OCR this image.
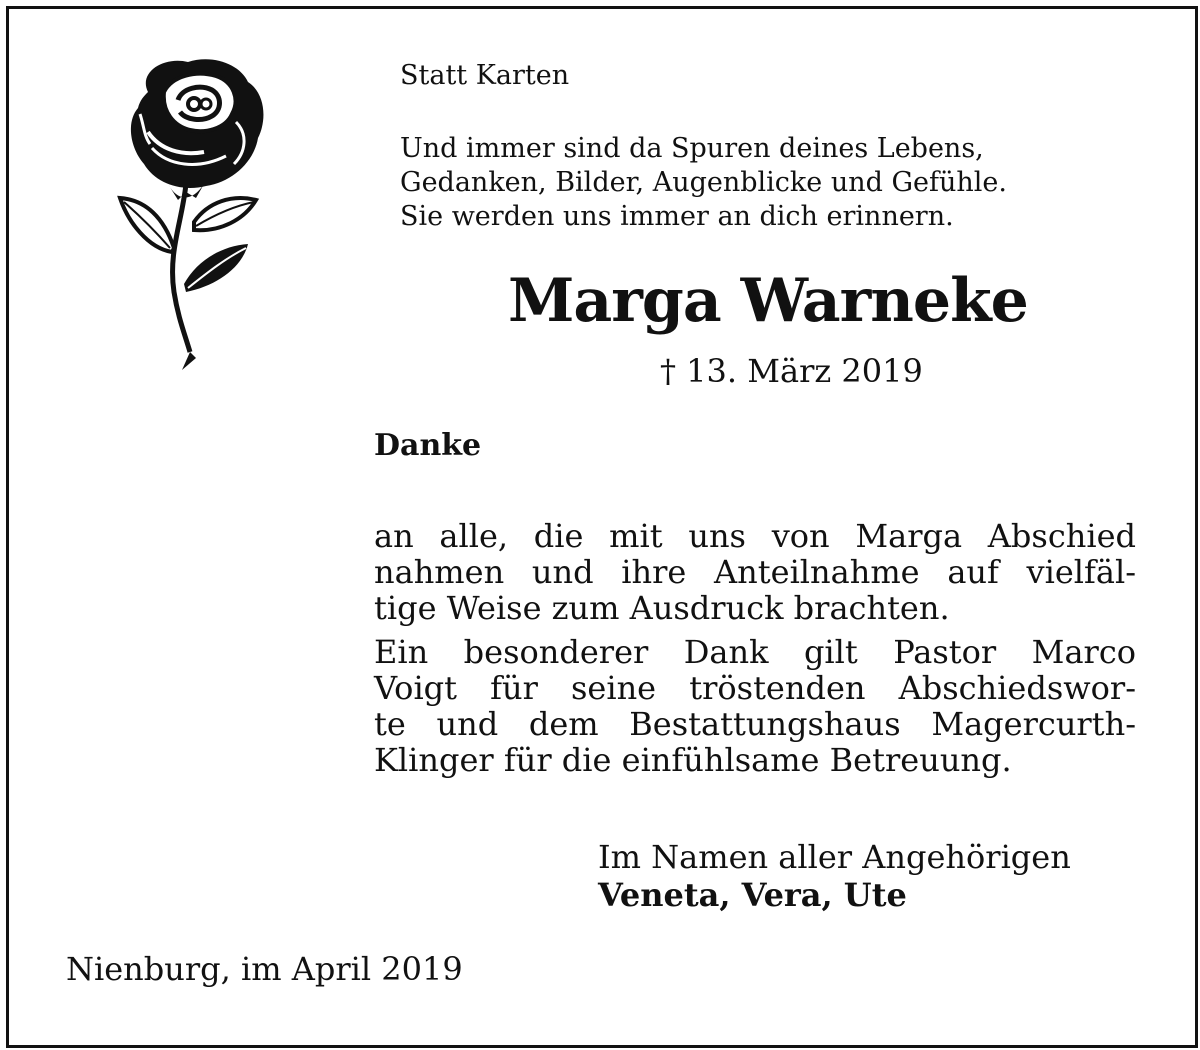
Statt Karten
Und immer sind da Spuren deines Lebens,
Gedanken, Bilder, Augenblicke und Gefühle.
Sie werden uns immer an dich erinnern.
Marga Warneke
† 13. März 2019
Danke
an alle, die mit uns von Marga Abschied
nahmen und ihre Anteilnahme auf vielfäl-
tige Weise zum Ausdruck brachten.
Ein besonderer Dank gilt Pastor Marco
Voigt für seine tröstenden Abschiedswor-
te und dem Bestattungshaus Magercurth-
Klinger für die einfühlsame Betreuung.
Im Namen aller Angehörigen
Veneta, Vera, Ute
Nienburg, im April 2019
